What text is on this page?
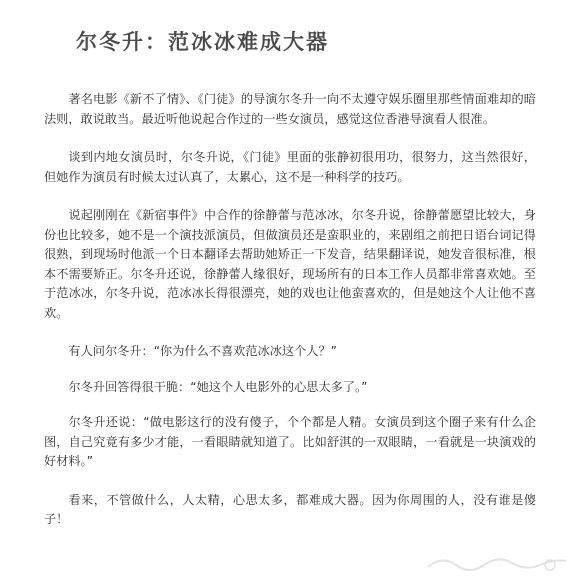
尔冬升：范冰冰难成大器

著名电影《新不了情》、《门徒》的导演尔冬升一向不太遵守娱乐圈里那些情面难却的暗法则，敢说敢当。最近听他说起合作过的一些女演员，感觉这位香港导演看人很准。

谈到内地女演员时，尔冬升说，《门徒》里面的张静初很用功，很努力，这当然很好，但她作为演员有时候太过认真了，太累心，这不是一种科学的技巧。

说起刚刚在《新宿事件》中合作的徐静蕾与范冰冰，尔冬升说，徐静蕾愿望比较大，身份也比较多，她不是一个演技派演员，但做演员还是蛮职业的，来剧组之前把日语台词记得很熟，到现场时他派一个日本翻译去帮助她矫正一下发音，结果翻译说，她发音很标准，根本不需要矫正。尔冬升还说，徐静蕾人缘很好，现场所有的日本工作人员都非常喜欢她。至于范冰冰，尔冬升说，范冰冰长得很漂亮，她的戏也让他蛮喜欢的，但是她这个人让他不喜欢。

有人问尔冬升：“你为什么不喜欢范冰冰这个人？”

尔冬升回答得很干脆：“她这个人电影外的心思太多了。”

尔冬升还说：“做电影这行的没有傻子，个个都是人精。女演员到这个圈子来有什么企图，自己究竟有多少才能，一看眼睛就知道了。比如舒淇的一双眼睛，一看就是一块演戏的好材料。”

看来，不管做什么，人太精，心思太多，都难成大器。因为你周围的人，没有谁是傻子！
